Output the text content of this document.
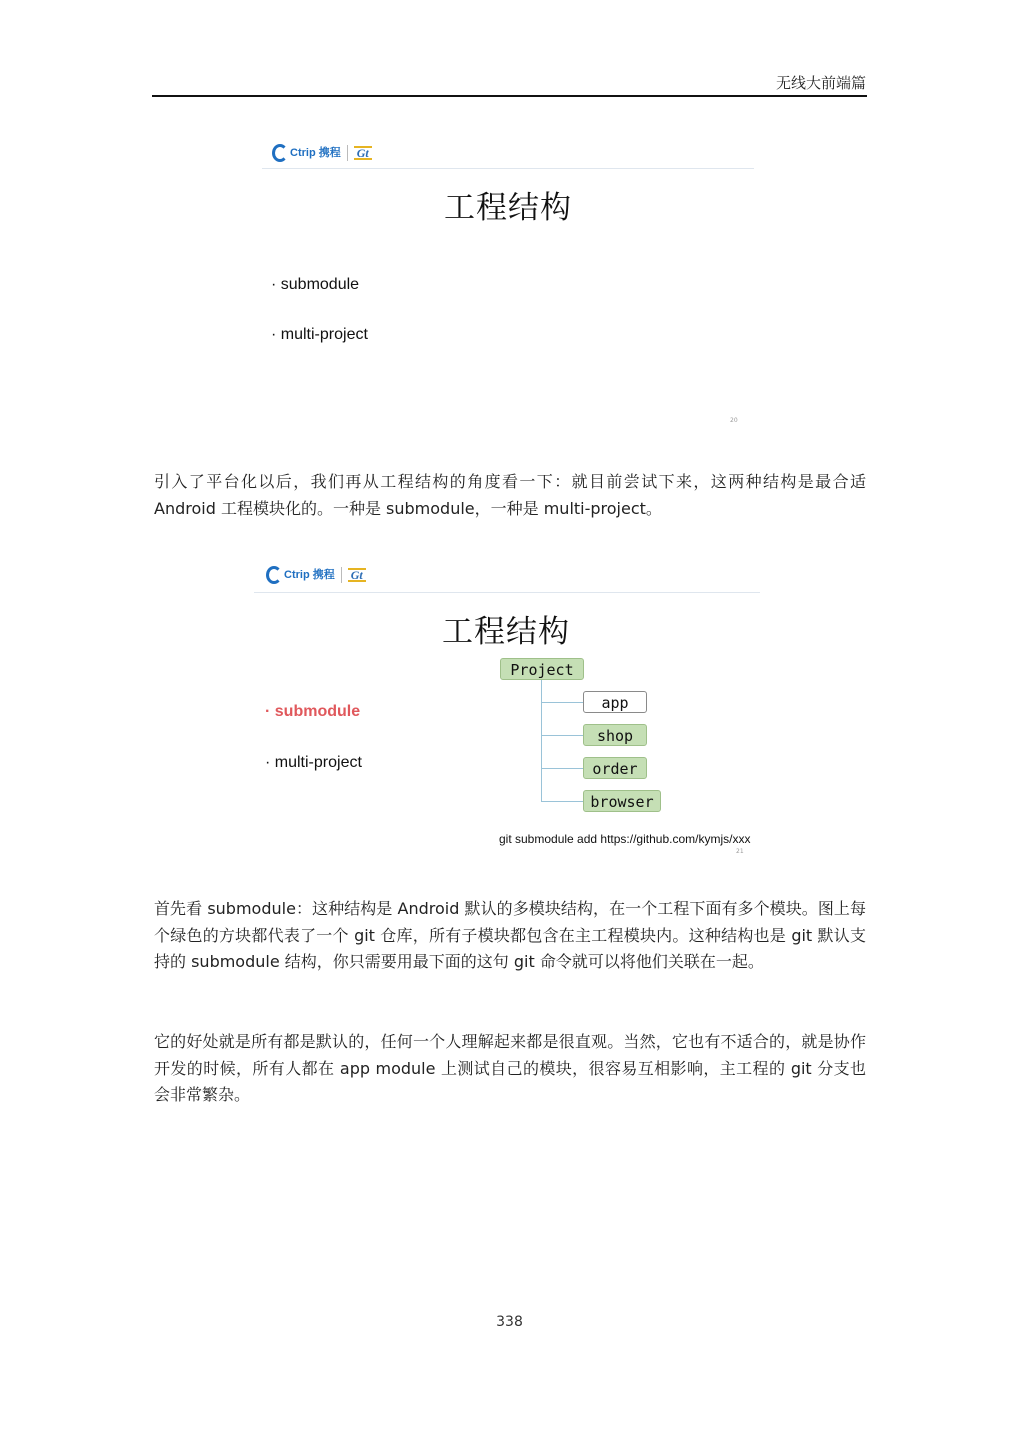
无线大前端篇
Ctrip 携程 Gt
工程结构
· submodule
· multi-project
20

引入了平台化以后，我们再从工程结构的角度看一下：就目前尝试下来，这两种结构是最合适 Android 工程模块化的。一种是 submodule，一种是 multi-project。

Ctrip 携程 Gt
工程结构
· submodule
· multi-project
git submodule add https://github.com/kymjs/xxx
21
Project
app
shop
order
browser

首先看 submodule：这种结构是 Android 默认的多模块结构，在一个工程下面有多个模块。图上每个绿色的方块都代表了一个 git 仓库，所有子模块都包含在主工程模块内。这种结构也是 git 默认支持的 submodule 结构，你只需要用最下面的这句 git 命令就可以将他们关联在一起。

它的好处就是所有都是默认的，任何一个人理解起来都是很直观。当然，它也有不适合的，就是协作开发的时候，所有人都在 app module 上测试自己的模块，很容易互相影响，主工程的 git 分支也会非常繁杂。

338
